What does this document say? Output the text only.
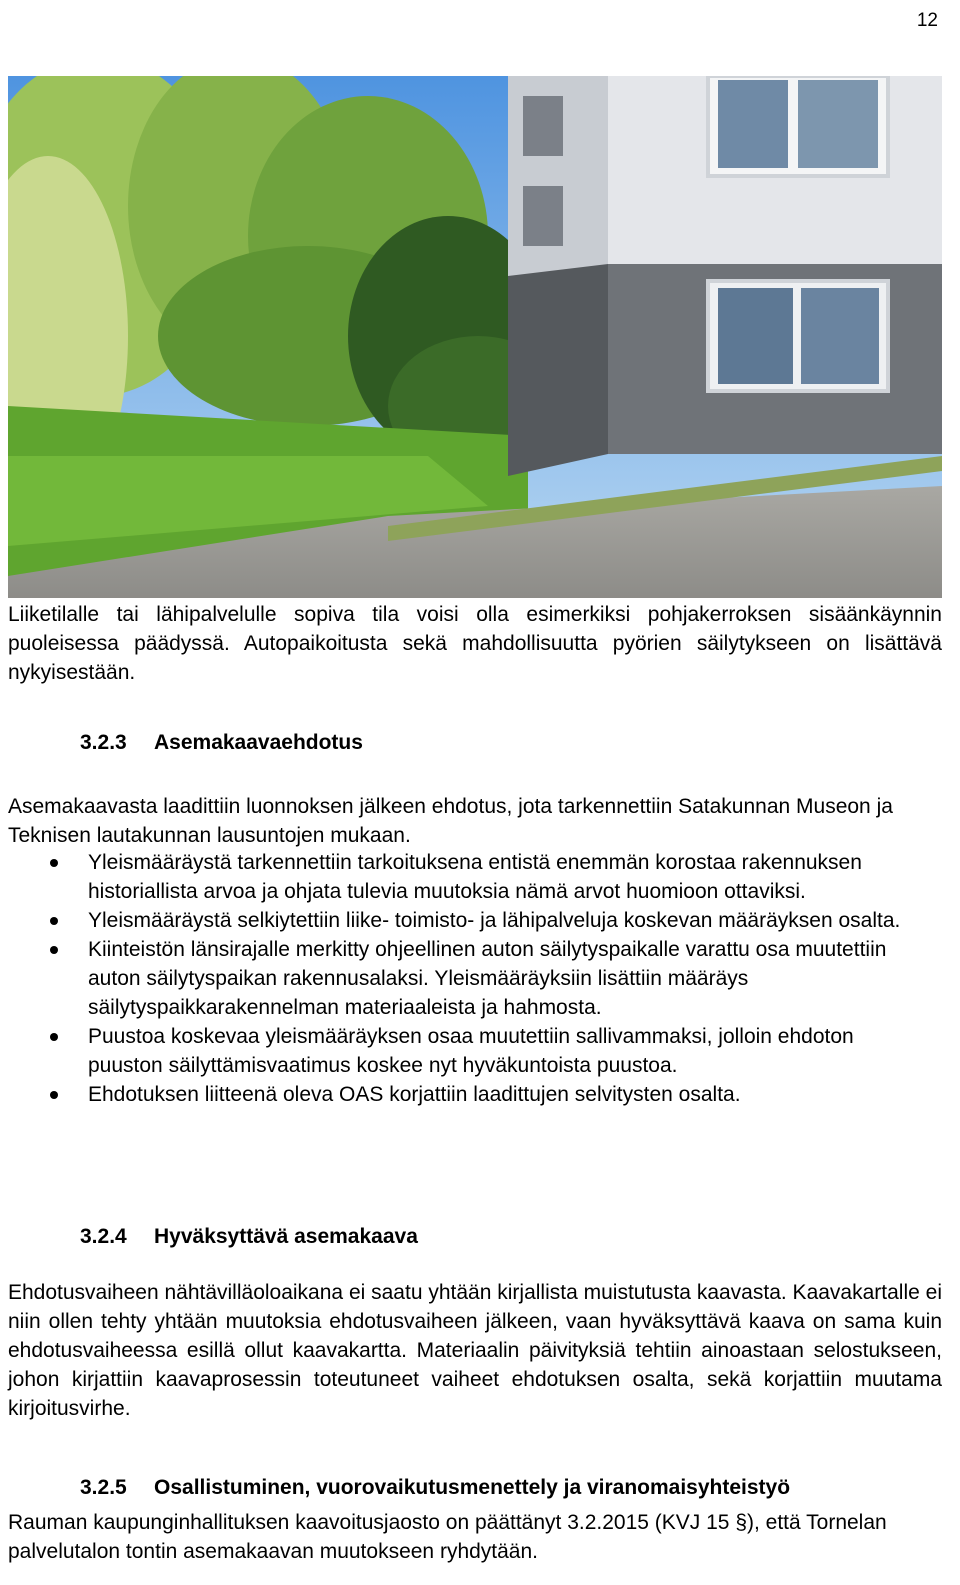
12

Liiketilalle tai lähipalvelulle sopiva tila voisi olla esimerkiksi pohjakerroksen sisäänkäynnin puoleisessa päädyssä. Autopaikoitusta sekä mahdollisuutta pyörien säilytykseen on lisättävä nykyisestään.

3.2.3	Asemakaavaehdotus

Asemakaavasta laadittiin luonnoksen jälkeen ehdotus, jota tarkennettiin Satakunnan Museon ja Teknisen lautakunnan lausuntojen mukaan.

Yleismääräystä tarkennettiin tarkoituksena entistä enemmän korostaa rakennuksen historiallista arvoa ja ohjata tulevia muutoksia nämä arvot huomioon ottaviksi.
Yleismääräystä selkiytettiin liike- toimisto- ja lähipalveluja koskevan määräyksen osalta.
Kiinteistön länsirajalle merkitty ohjeellinen auton säilytyspaikalle varattu osa muutettiin auton säilytyspaikan rakennusalaksi. Yleismääräyksiin lisättiin määräys säilytyspaikkarakennelman materiaaleista ja hahmosta.
Puustoa koskevaa yleismääräyksen osaa muutettiin sallivammaksi, jolloin ehdoton puuston säilyttämisvaatimus koskee nyt hyväkuntoista puustoa.
Ehdotuksen liitteenä oleva OAS korjattiin laadittujen selvitysten osalta.
3.2.4	Hyväksyttävä asemakaava

Ehdotusvaiheen nähtävilläoloaikana ei saatu yhtään kirjallista muistutusta kaavasta. Kaavakartalle ei niin ollen tehty yhtään muutoksia ehdotusvaiheen jälkeen, vaan hyväksyttävä kaava on sama kuin ehdotusvaiheessa esillä ollut kaavakartta. Materiaalin päivityksiä tehtiin ainoastaan selostukseen, johon kirjattiin kaavaprosessin toteutuneet vaiheet ehdotuksen osalta, sekä korjattiin muutama kirjoitusvirhe.

3.2.5	Osallistuminen, vuorovaikutusmenettely ja viranomaisyhteistyö

Rauman kaupunginhallituksen kaavoitusjaosto on päättänyt 3.2.2015 (KVJ 15 §), että Tornelan palvelutalon tontin asemakaavan muutokseen ryhdytään.
